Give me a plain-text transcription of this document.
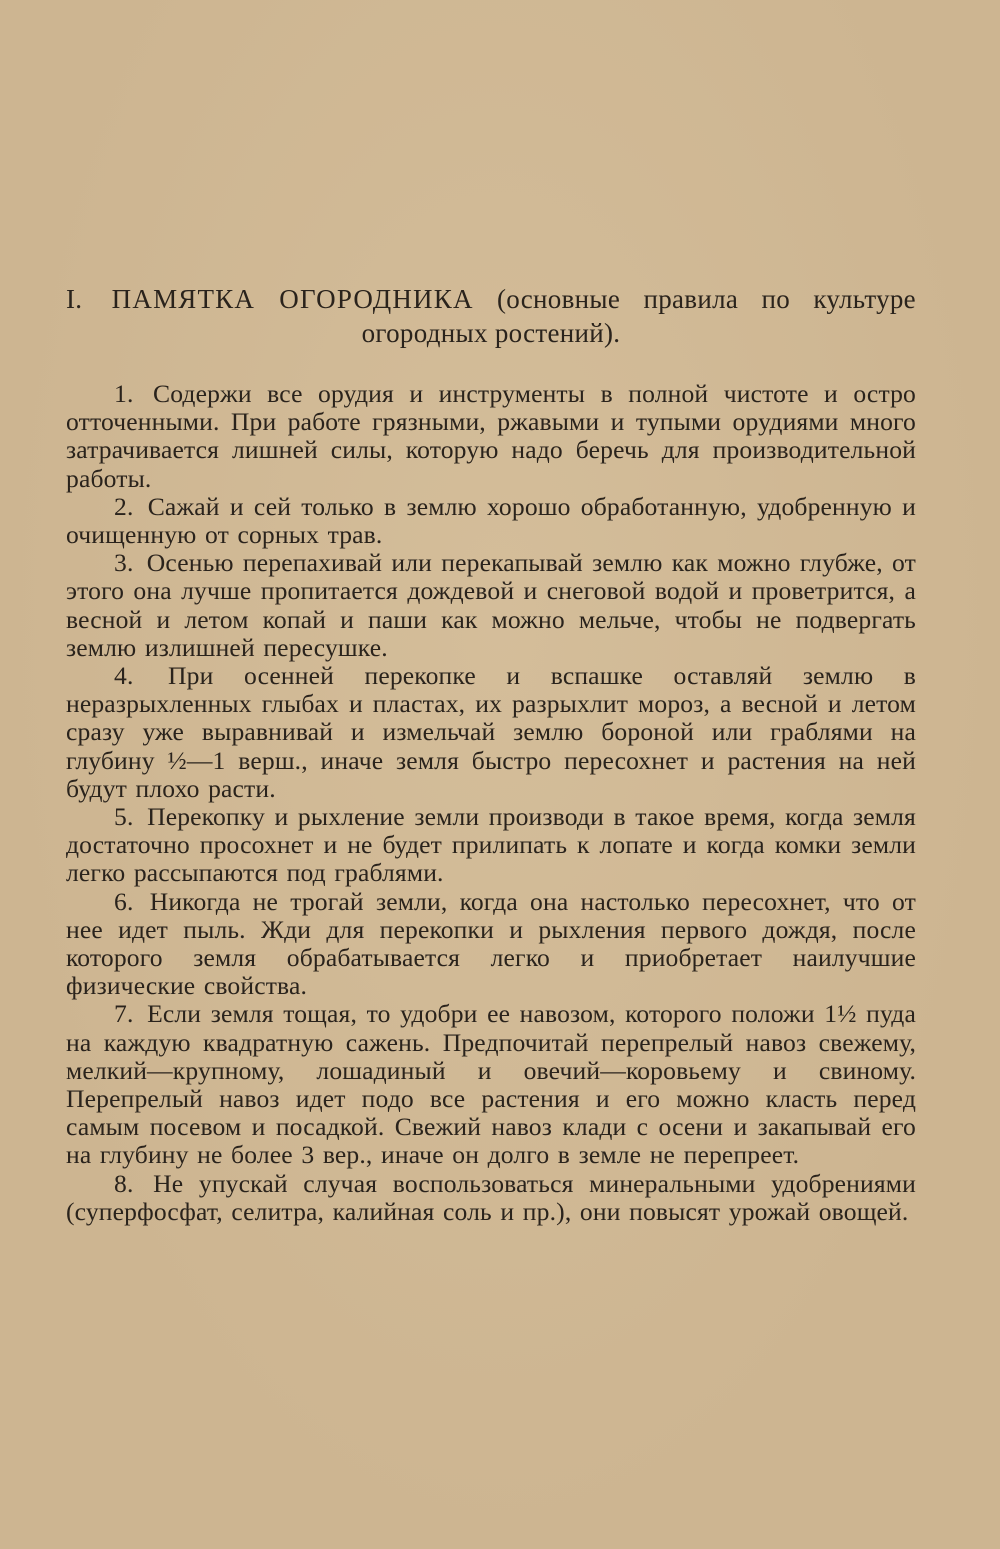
I. ПАМЯТКА ОГОРОДНИКА (основные правила по культуре огородных ростений).

1. Содержи все орудия и инструменты в полной чистоте и остро отточенными. При работе грязными, ржавыми и тупыми орудиями много затрачивается лишней силы, которую надо беречь для производительной работы.

2. Сажай и сей только в землю хорошо обработанную, удобренную и очищенную от сорных трав.

3. Осенью перепахивай или перекапывай землю как можно глубже, от этого она лучше пропитается дождевой и снеговой водой и проветрится, а весной и летом копай и паши как можно мельче, чтобы не подвергать землю излишней пересушке.

4. При осенней перекопке и вспашке оставляй землю в неразрыхленных глыбах и пластах, их разрыхлит мороз, а весной и летом сразу уже выравнивай и измельчай землю бороной или граблями на глубину ½—1 верш., иначе земля быстро пересохнет и растения на ней будут плохо расти.

5. Перекопку и рыхление земли производи в такое время, когда земля достаточно просохнет и не будет прилипать к лопате и когда комки земли легко рассыпаются под граблями.

6. Никогда не трогай земли, когда она настолько пересохнет, что от нее идет пыль. Жди для перекопки и рыхления первого дождя, после которого земля обрабатывается легко и приобретает наилучшие физические свойства.

7. Если земля тощая, то удобри ее навозом, которого положи 1½ пуда на каждую квадратную сажень. Предпочитай перепрелый навоз свежему, мелкий—крупному, лошадиный и овечий—коровьему и свиному. Перепрелый навоз идет подо все растения и его можно класть перед самым посевом и посадкой. Свежий навоз клади с осени и закапывай его на глубину не более 3 вер., иначе он долго в земле не перепреет.

8. Не упускай случая воспользоваться минеральными удобрениями (суперфосфат, селитра, калийная соль и пр.), они повысят урожай овощей.
